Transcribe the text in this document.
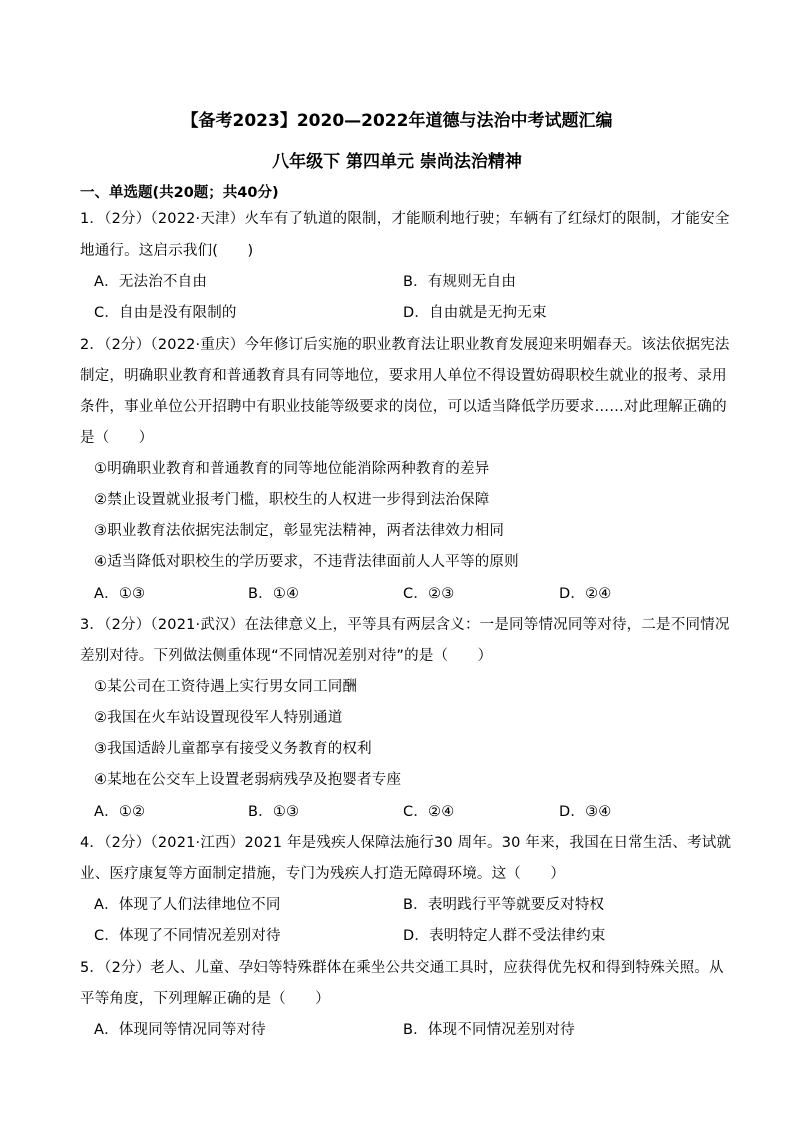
【备考2023】2020—2022年道德与法治中考试题汇编
八年级下 第四单元 崇尚法治精神
一、单选题(共20题；共40分)
1．（2分）（2022·天津）火车有了轨道的限制，才能顺利地行驶；车辆有了红绿灯的限制，才能安全
地通行。这启示我们(　　)
A．无法治不自由	B．有规则无自由
C．自由是没有限制的	D．自由就是无拘无束
2．（2分）（2022·重庆）今年修订后实施的职业教育法让职业教育发展迎来明媚春天。该法依据宪法
制定，明确职业教育和普通教育具有同等地位，要求用人单位不得设置妨碍职校生就业的报考、录用
条件，事业单位公开招聘中有职业技能等级要求的岗位，可以适当降低学历要求……对此理解正确的
是（　　）
①明确职业教育和普通教育的同等地位能消除两种教育的差异
②禁止设置就业报考门槛，职校生的人权进一步得到法治保障
③职业教育法依据宪法制定，彰显宪法精神，两者法律效力相同
④适当降低对职校生的学历要求，不违背法律面前人人平等的原则
A．①③	B．①④	C．②③	D．②④
3．（2分）（2021·武汉）在法律意义上，平等具有两层含义：一是同等情况同等对待，二是不同情况
差别对待。下列做法侧重体现“不同情况差别对待”的是（　　）
①某公司在工资待遇上实行男女同工同酬
②我国在火车站设置现役军人特别通道
③我国适龄儿童都享有接受义务教育的权利
④某地在公交车上设置老弱病残孕及抱婴者专座
A．①②	B．①③	C．②④	D．③④
4．（2分）（2021·江西）2021 年是残疾人保障法施行30 周年。30 年来，我国在日常生活、考试就
业、医疗康复等方面制定措施，专门为残疾人打造无障碍环境。这（　　）
A．体现了人们法律地位不同	B．表明践行平等就要反对特权
C．体现了不同情况差别对待	D．表明特定人群不受法律约束
5．（2分）老人、儿童、孕妇等特殊群体在乘坐公共交通工具时，应获得优先权和得到特殊关照。从
平等角度，下列理解正确的是（　　）
A．体现同等情况同等对待	B．体现不同情况差别对待
